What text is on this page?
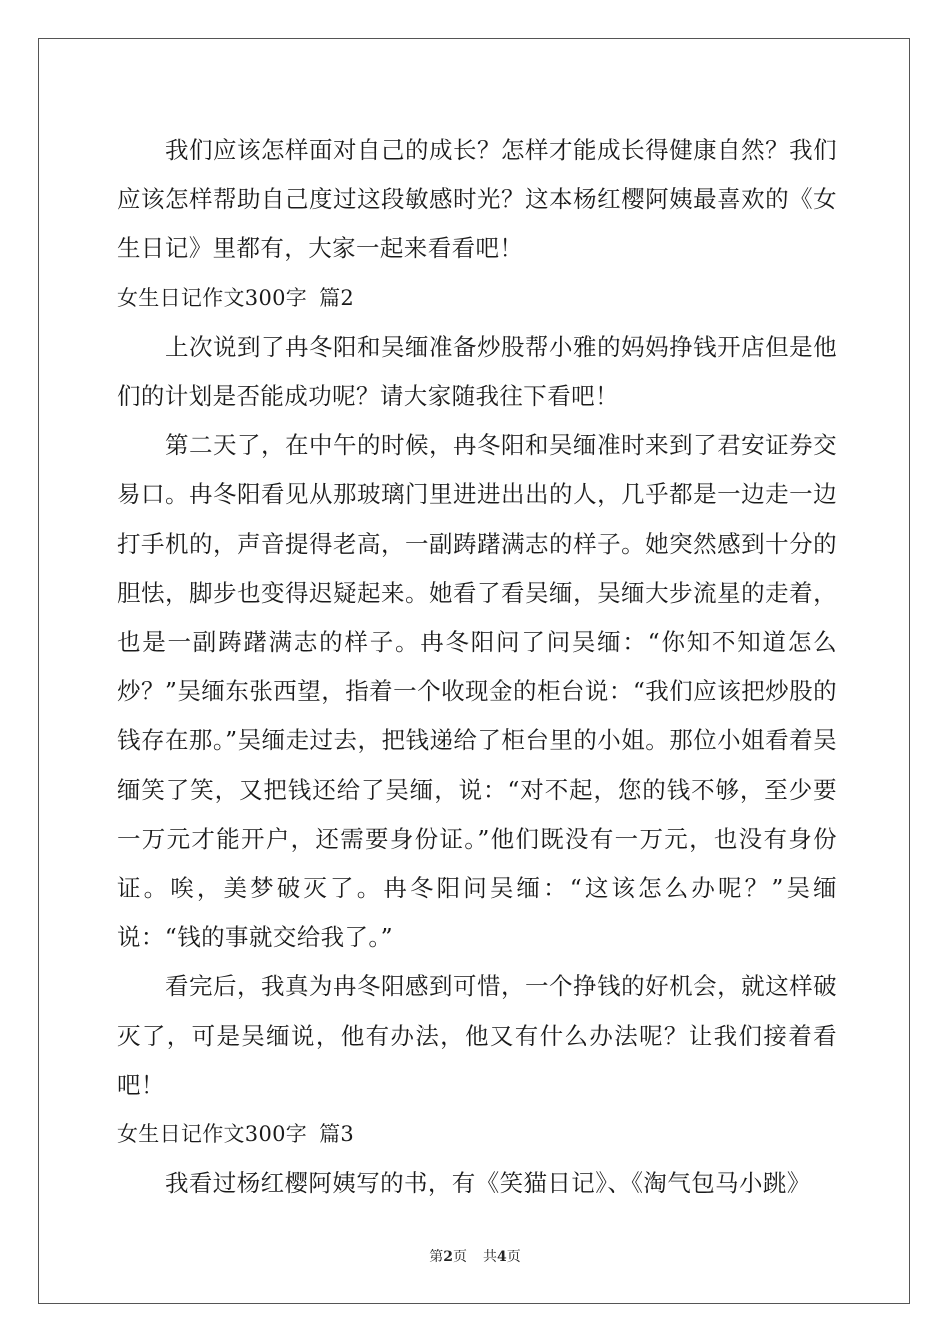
我们应该怎样面对自己的成长？怎样才能成长得健康自然？我们应该怎样帮助自己度过这段敏感时光？这本杨红樱阿姨最喜欢的《女生日记》里都有，大家一起来看看吧！

女生日记作文300字 篇2

上次说到了冉冬阳和吴缅准备炒股帮小雅的妈妈挣钱开店但是他们的计划是否能成功呢？请大家随我往下看吧！

第二天了，在中午的时候，冉冬阳和吴缅准时来到了君安证券交易口。冉冬阳看见从那玻璃门里进进出出的人，几乎都是一边走一边打手机的，声音提得老高，一副踌躇满志的样子。她突然感到十分的胆怯，脚步也变得迟疑起来。她看了看吴缅，吴缅大步流星的走着，也是一副踌躇满志的样子。冉冬阳问了问吴缅：“你知不知道怎么炒？”吴缅东张西望，指着一个收现金的柜台说：“我们应该把炒股的钱存在那。”吴缅走过去，把钱递给了柜台里的小姐。那位小姐看着吴缅笑了笑，又把钱还给了吴缅，说：“对不起，您的钱不够，至少要一万元才能开户，还需要身份证。”他们既没有一万元，也没有身份证。唉，美梦破灭了。冉冬阳问吴缅：“这该怎么办呢？”吴缅说：“钱的事就交给我了。”

看完后，我真为冉冬阳感到可惜，一个挣钱的好机会，就这样破灭了，可是吴缅说，他有办法，他又有什么办法呢？让我们接着看吧！

女生日记作文300字 篇3

我看过杨红樱阿姨写的书，有《笑猫日记》、《淘气包马小跳》

第2页 共4页
